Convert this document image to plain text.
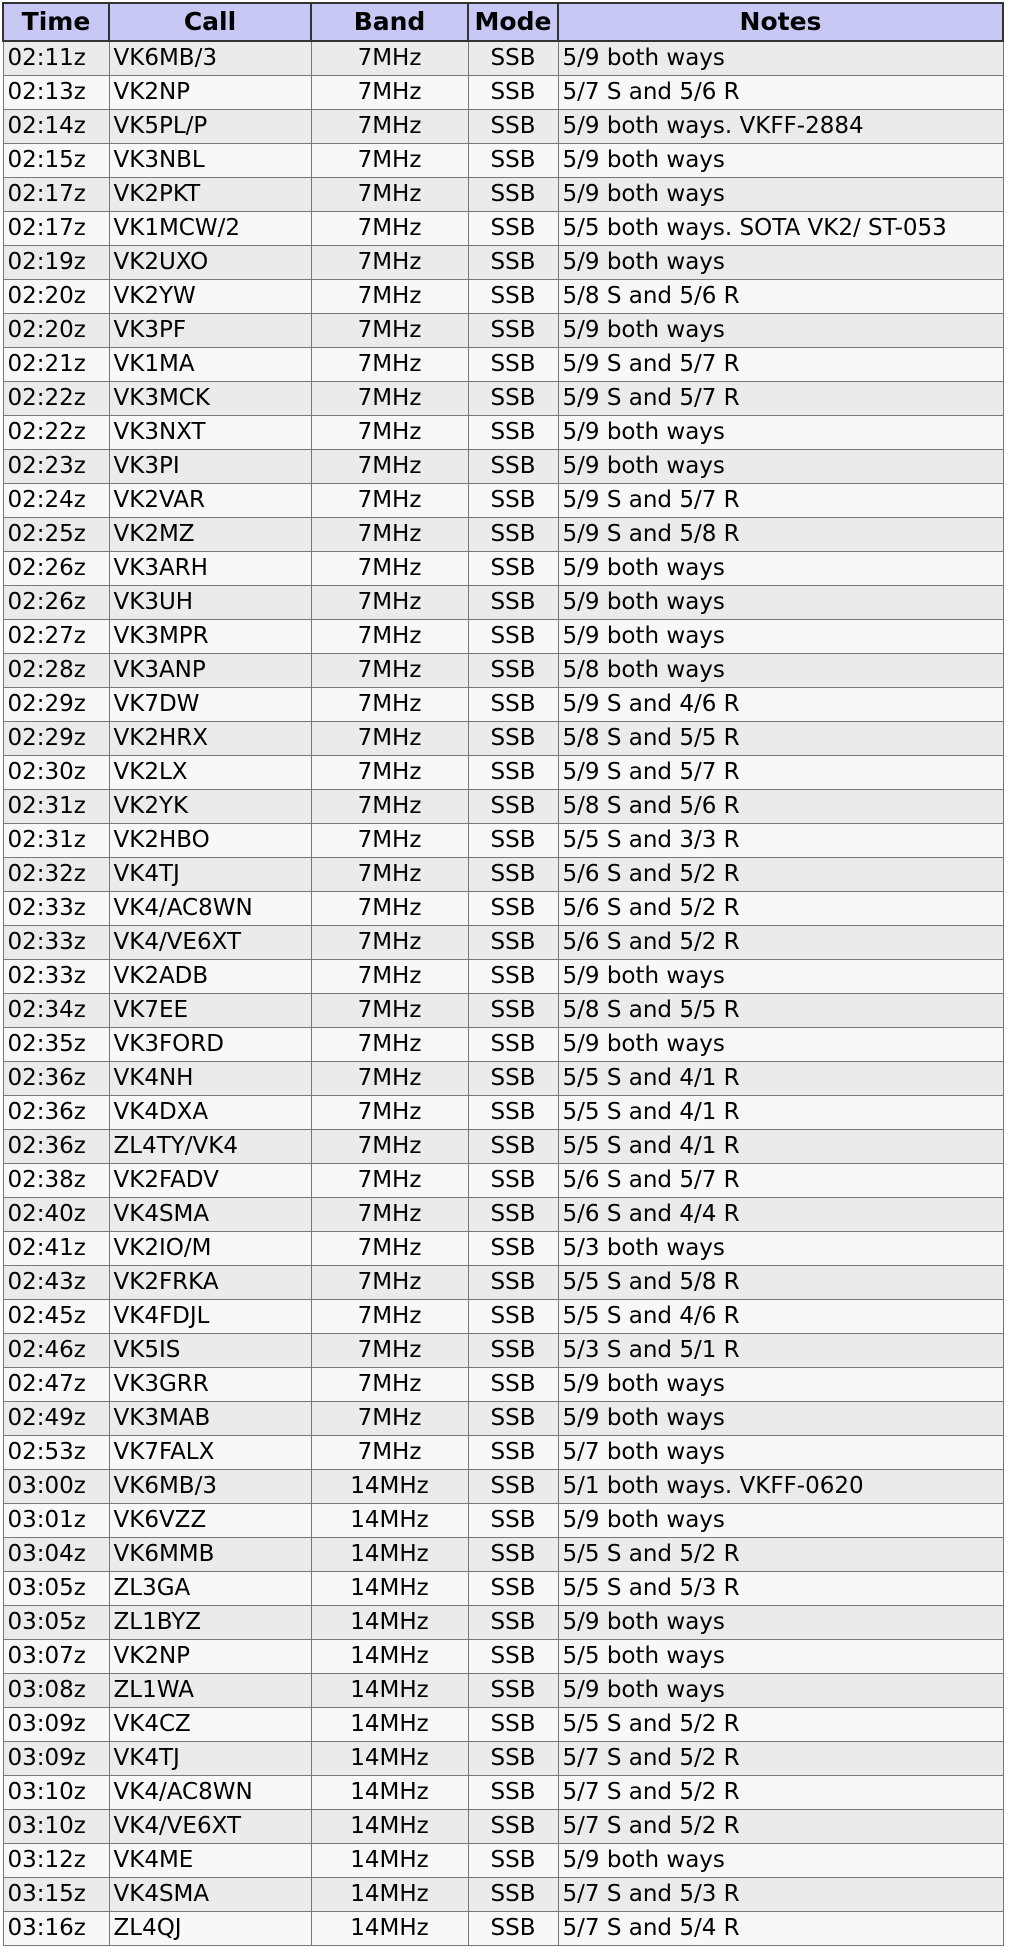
Time	Call	Band	Mode	Notes
02:11z	VK6MB/3	7MHz	SSB	5/9 both ways
02:13z	VK2NP	7MHz	SSB	5/7 S and 5/6 R
02:14z	VK5PL/P	7MHz	SSB	5/9 both ways. VKFF-2884
02:15z	VK3NBL	7MHz	SSB	5/9 both ways
02:17z	VK2PKT	7MHz	SSB	5/9 both ways
02:17z	VK1MCW/2	7MHz	SSB	5/5 both ways. SOTA VK2/ ST-053
02:19z	VK2UXO	7MHz	SSB	5/9 both ways
02:20z	VK2YW	7MHz	SSB	5/8 S and 5/6 R
02:20z	VK3PF	7MHz	SSB	5/9 both ways
02:21z	VK1MA	7MHz	SSB	5/9 S and 5/7 R
02:22z	VK3MCK	7MHz	SSB	5/9 S and 5/7 R
02:22z	VK3NXT	7MHz	SSB	5/9 both ways
02:23z	VK3PI	7MHz	SSB	5/9 both ways
02:24z	VK2VAR	7MHz	SSB	5/9 S and 5/7 R
02:25z	VK2MZ	7MHz	SSB	5/9 S and 5/8 R
02:26z	VK3ARH	7MHz	SSB	5/9 both ways
02:26z	VK3UH	7MHz	SSB	5/9 both ways
02:27z	VK3MPR	7MHz	SSB	5/9 both ways
02:28z	VK3ANP	7MHz	SSB	5/8 both ways
02:29z	VK7DW	7MHz	SSB	5/9 S and 4/6 R
02:29z	VK2HRX	7MHz	SSB	5/8 S and 5/5 R
02:30z	VK2LX	7MHz	SSB	5/9 S and 5/7 R
02:31z	VK2YK	7MHz	SSB	5/8 S and 5/6 R
02:31z	VK2HBO	7MHz	SSB	5/5 S and 3/3 R
02:32z	VK4TJ	7MHz	SSB	5/6 S and 5/2 R
02:33z	VK4/AC8WN	7MHz	SSB	5/6 S and 5/2 R
02:33z	VK4/VE6XT	7MHz	SSB	5/6 S and 5/2 R
02:33z	VK2ADB	7MHz	SSB	5/9 both ways
02:34z	VK7EE	7MHz	SSB	5/8 S and 5/5 R
02:35z	VK3FORD	7MHz	SSB	5/9 both ways
02:36z	VK4NH	7MHz	SSB	5/5 S and 4/1 R
02:36z	VK4DXA	7MHz	SSB	5/5 S and 4/1 R
02:36z	ZL4TY/VK4	7MHz	SSB	5/5 S and 4/1 R
02:38z	VK2FADV	7MHz	SSB	5/6 S and 5/7 R
02:40z	VK4SMA	7MHz	SSB	5/6 S and 4/4 R
02:41z	VK2IO/M	7MHz	SSB	5/3 both ways
02:43z	VK2FRKA	7MHz	SSB	5/5 S and 5/8 R
02:45z	VK4FDJL	7MHz	SSB	5/5 S and 4/6 R
02:46z	VK5IS	7MHz	SSB	5/3 S and 5/1 R
02:47z	VK3GRR	7MHz	SSB	5/9 both ways
02:49z	VK3MAB	7MHz	SSB	5/9 both ways
02:53z	VK7FALX	7MHz	SSB	5/7 both ways
03:00z	VK6MB/3	14MHz	SSB	5/1 both ways. VKFF-0620
03:01z	VK6VZZ	14MHz	SSB	5/9 both ways
03:04z	VK6MMB	14MHz	SSB	5/5 S and 5/2 R
03:05z	ZL3GA	14MHz	SSB	5/5 S and 5/3 R
03:05z	ZL1BYZ	14MHz	SSB	5/9 both ways
03:07z	VK2NP	14MHz	SSB	5/5 both ways
03:08z	ZL1WA	14MHz	SSB	5/9 both ways
03:09z	VK4CZ	14MHz	SSB	5/5 S and 5/2 R
03:09z	VK4TJ	14MHz	SSB	5/7 S and 5/2 R
03:10z	VK4/AC8WN	14MHz	SSB	5/7 S and 5/2 R
03:10z	VK4/VE6XT	14MHz	SSB	5/7 S and 5/2 R
03:12z	VK4ME	14MHz	SSB	5/9 both ways
03:15z	VK4SMA	14MHz	SSB	5/7 S and 5/3 R
03:16z	ZL4QJ	14MHz	SSB	5/7 S and 5/4 R
